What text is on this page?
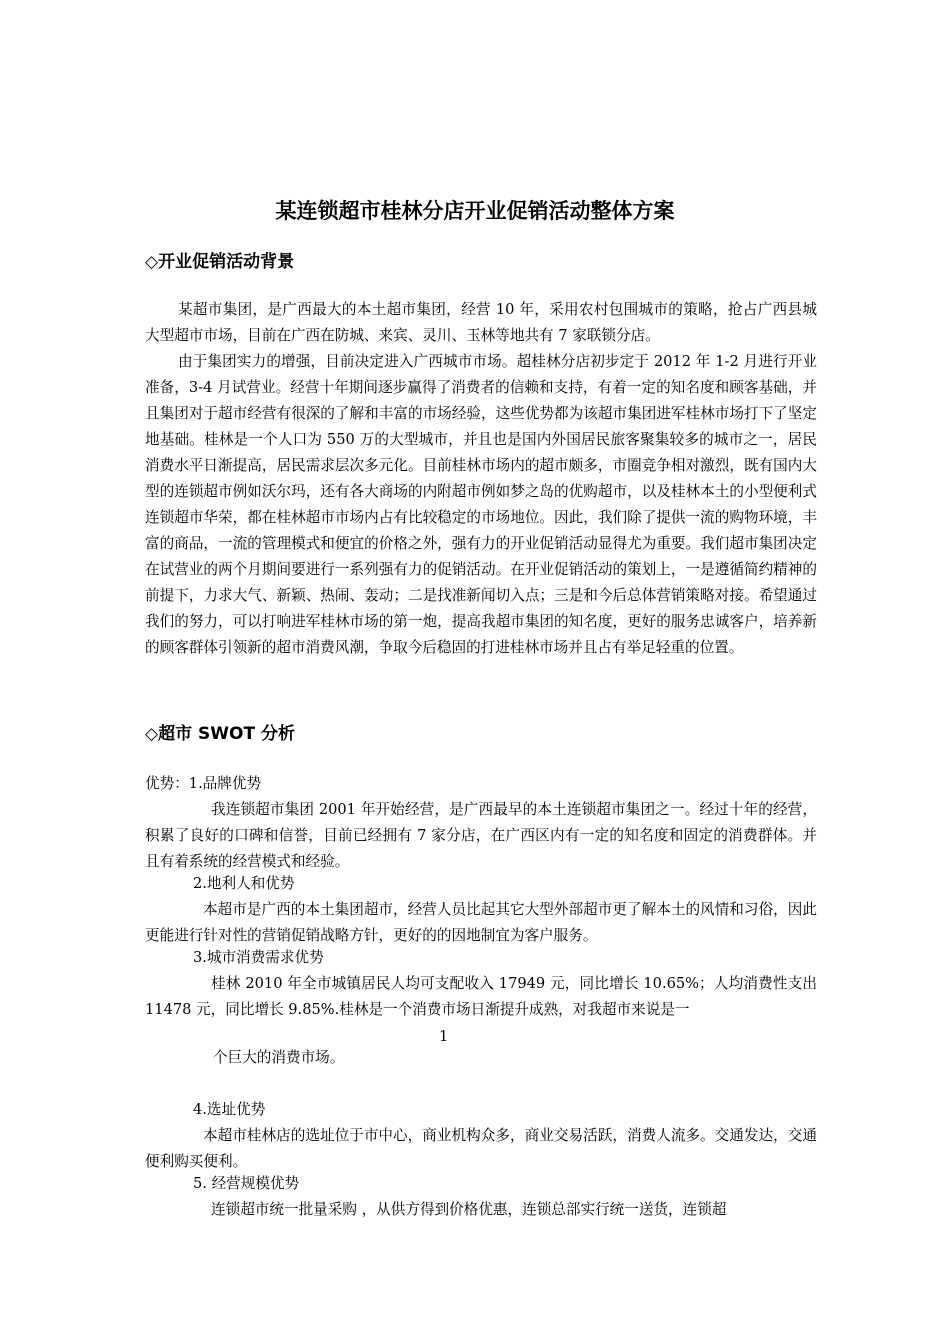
某连锁超市桂林分店开业促销活动整体方案
◇开业促销活动背景

某超市集团，是广西最大的本土超市集团，经营 10 年，采用农村包围城市的策略，抢占广西县城大型超市市场，目前在广西在防城、来宾、灵川、玉林等地共有 7 家联锁分店。

由于集团实力的增强，目前决定进入广西城市市场。超桂林分店初步定于 2012 年 1-2 月进行开业准备，3-4 月试营业。经营十年期间逐步赢得了消费者的信赖和支持，有着一定的知名度和顾客基础，并且集团对于超市经营有很深的了解和丰富的市场经验，这些优势都为该超市集团进军桂林市场打下了坚定地基础。桂林是一个人口为 550 万的大型城市，并且也是国内外国居民旅客聚集较多的城市之一，居民消费水平日渐提高，居民需求层次多元化。目前桂林市场内的超市颇多，市圈竞争相对激烈，既有国内大型的连锁超市例如沃尔玛，还有各大商场的内附超市例如梦之岛的优购超市，以及桂林本土的小型便利式连锁超市华荣，都在桂林超市市场内占有比较稳定的市场地位。因此，我们除了提供一流的购物环境，丰富的商品，一流的管理模式和便宜的价格之外，强有力的开业促销活动显得尤为重要。我们超市集团决定在试营业的两个月期间要进行一系列强有力的促销活动。在开业促销活动的策划上，一是遵循简约精神的前提下，力求大气、新颖、热闹、轰动；二是找准新闻切入点；三是和今后总体营销策略对接。希望通过我们的努力，可以打响进军桂林市场的第一炮，提高我超市集团的知名度，更好的服务忠诚客户，培养新的顾客群体引领新的超市消费风潮，争取今后稳固的打进桂林市场并且占有举足轻重的位置。

◇超市 SWOT 分析
优势：1.品牌优势

我连锁超市集团 2001 年开始经营，是广西最早的本土连锁超市集团之一。经过十年的经营，积累了良好的口碑和信誉，目前已经拥有 7 家分店，在广西区内有一定的知名度和固定的消费群体。并且有着系统的经营模式和经验。

2.地利人和优势

本超市是广西的本土集团超市，经营人员比起其它大型外部超市更了解本土的风情和习俗，因此更能进行针对性的营销促销战略方针，更好的的因地制宜为客户服务。

3.城市消费需求优势

桂林 2010 年全市城镇居民人均可支配收入 17949 元，同比增长 10.65%；人均消费性支出 11478 元，同比增长 9.85%.桂林是一个消费市场日渐提升成熟，对我超市来说是一

1
个巨大的消费市场。
4.选址优势

本超市桂林店的选址位于市中心，商业机构众多，商业交易活跃，消费人流多。交通发达，交通便利购买便利。

5. 经营规模优势

连锁超市统一批量采购 ，从供方得到价格优惠，连锁总部实行统一送货，连锁超
